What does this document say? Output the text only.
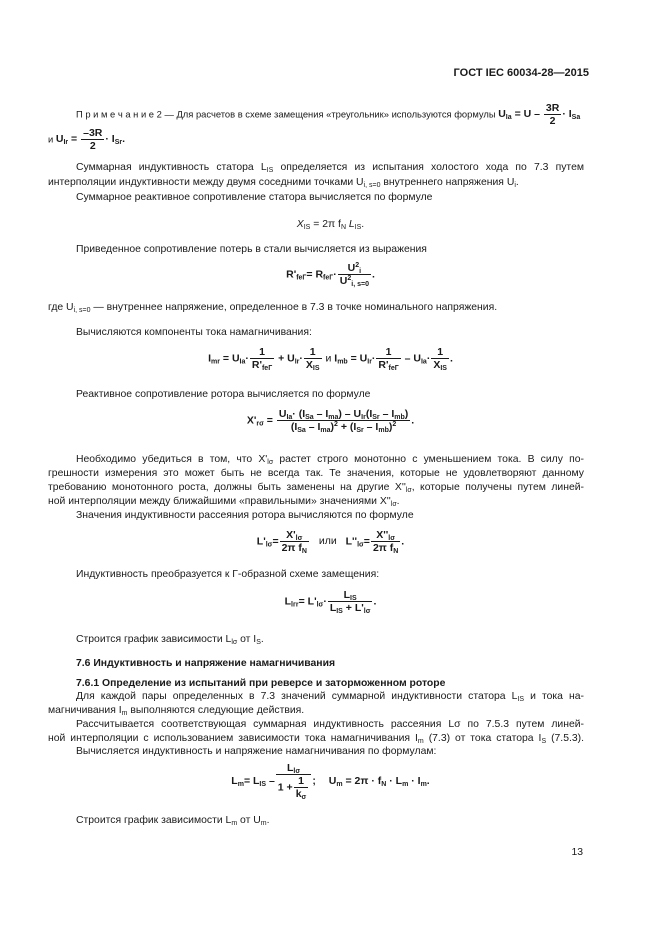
ГОСТ IEC 60034-28—2015
П р и м е ч а н и е 2 — Для расчетов в схеме замещения «треугольник» используются формулы $U_{Ia} = U - \frac{3R}{2} \cdot I_{Sa}$
и $U_{Ir} = \frac{-3R}{2} \cdot I_{Sr}$.
Суммарная индуктивность статора $L_{IS}$ определяется из испытания холостого хода по 7.3 путем
интерполяции индуктивности между двумя соседними точками $U_{i, s=0}$ внутреннего напряжения $U_i$.
Суммарное реактивное сопротивление статора вычисляется по формуле
$X_{IS} = 2\pi$ $f_N$ $L_{IS}$.
Приведенное сопротивление потерь в стали вычисляется из выражения
$R'_{feГ}= R_{feГ}\cdot \frac{U^2_i}{U^2_{i, s=0}}$ .
где $U_{i, s=0}$ — внутреннее напряжение, определенное в 7.3 в точке номинального напряжения.
Вычисляются компоненты тока намагничивания:
$I_{mr} = U_{Ia}\cdot \frac{1}{R'_{feГ}} + U_{Ir}\cdot \frac{1}{X_{IS}}$ и $I_{mb} = U_{Ir}\cdot \frac{1}{R'_{feГ}} - U_{Ia}\cdot \frac{1}{X_{IS}}$ .
Реактивное сопротивление ротора вычисляется по формуле
$X'_{r\sigma} = \frac{U_{Ia}\cdot (I_{Sa} - I_{ma}) - U_{Ir}(I_{Sr} - I_{mb})}{(I_{Sa} - I_{ma})^2 + (I_{Sr} - I_{mb})^2}$ .
Необходимо убедиться в том, что $X'_{l\sigma}$ растет строго монотонно с уменьшением тока. В силу по-
грешности измерения это может быть не всегда так. Те значения, которые не удовлетворяют данному
требованию монотонного роста, должны быть заменены на другие $X''_{l\sigma}$, которые получены путем линей-
ной интерполяции между ближайшими «правильными» значениями $X''_{l\sigma}$.
Значения индуктивности рассеяния ротора вычисляются по формуле
$L'_{l\sigma}= \frac{X'_{l\sigma}}{2\pi f_N}$ или $L''_{l\sigma}= \frac{X''_{l\sigma}}{2\pi f_N}$ .
Индуктивность преобразуется к Г-образной схеме замещения:
$L_{lгr}= L'_{l\sigma}\cdot \frac{L_{IS}}{L_{IS} + L'_{l\sigma}}$ .
Строится график зависимости $L_{l\sigma}$ от $I_S$.
7.6 Индуктивность и напряжение намагничивания
7.6.1 Определение из испытаний при реверсе и заторможенном роторе
Для каждой пары определенных в 7.3 значений суммарной индуктивности статора $L_{IS}$ и тока на-
магничивания $I_m$ выполняются следующие действия.
Рассчитывается соответствующая суммарная индуктивность рассеяния Lσ по 7.5.3 путем линей-
ной интерполяции с использованием зависимости тока намагничивания $I_m$ (7.3) от тока статора $I_S$ (7.5.3).
Вычисляется индуктивность и напряжение намагничивания по формулам:
$L_m= L_{IS} - \frac{L_{l\sigma}}{1 + \frac{1}{k_\sigma}}$ ; $U_m = 2\pi \cdot f_N \cdot L_m \cdot I_m$.
Строится график зависимости $L_m$ от $U_m$.
13
